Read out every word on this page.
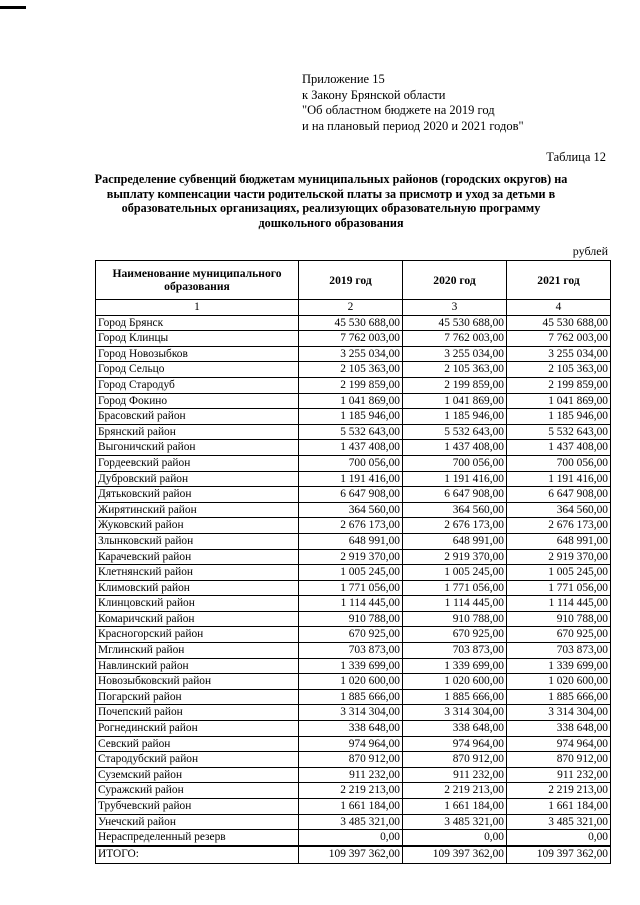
Приложение 15
к Закону Брянской области
"Об областном бюджете на 2019 год
и на плановый период 2020 и 2021 годов"
Таблица 12
Распределение субвенций бюджетам муниципальных районов (городских округов) на выплату компенсации части родительской платы за присмотр и уход за детьми в образовательных организациях, реализующих образовательную программу дошкольного образования
рублей
Наименование муниципального образования	2019 год	2020 год	2021 год
1	2	3	4
Город Брянск	45 530 688,00	45 530 688,00	45 530 688,00
Город Клинцы	7 762 003,00	7 762 003,00	7 762 003,00
Город Новозыбков	3 255 034,00	3 255 034,00	3 255 034,00
Город Сельцо	2 105 363,00	2 105 363,00	2 105 363,00
Город Стародуб	2 199 859,00	2 199 859,00	2 199 859,00
Город Фокино	1 041 869,00	1 041 869,00	1 041 869,00
Брасовский район	1 185 946,00	1 185 946,00	1 185 946,00
Брянский район	5 532 643,00	5 532 643,00	5 532 643,00
Выгоничский район	1 437 408,00	1 437 408,00	1 437 408,00
Гордеевский район	700 056,00	700 056,00	700 056,00
Дубровский район	1 191 416,00	1 191 416,00	1 191 416,00
Дятьковский район	6 647 908,00	6 647 908,00	6 647 908,00
Жирятинский район	364 560,00	364 560,00	364 560,00
Жуковский район	2 676 173,00	2 676 173,00	2 676 173,00
Злынковский район	648 991,00	648 991,00	648 991,00
Карачевский район	2 919 370,00	2 919 370,00	2 919 370,00
Клетнянский район	1 005 245,00	1 005 245,00	1 005 245,00
Климовский район	1 771 056,00	1 771 056,00	1 771 056,00
Клинцовский район	1 114 445,00	1 114 445,00	1 114 445,00
Комаричский район	910 788,00	910 788,00	910 788,00
Красногорский район	670 925,00	670 925,00	670 925,00
Мглинский район	703 873,00	703 873,00	703 873,00
Навлинский район	1 339 699,00	1 339 699,00	1 339 699,00
Новозыбковский район	1 020 600,00	1 020 600,00	1 020 600,00
Погарский район	1 885 666,00	1 885 666,00	1 885 666,00
Почепский район	3 314 304,00	3 314 304,00	3 314 304,00
Рогнединский район	338 648,00	338 648,00	338 648,00
Севский район	974 964,00	974 964,00	974 964,00
Стародубский район	870 912,00	870 912,00	870 912,00
Суземский район	911 232,00	911 232,00	911 232,00
Суражский район	2 219 213,00	2 219 213,00	2 219 213,00
Трубчевский район	1 661 184,00	1 661 184,00	1 661 184,00
Унечский район	3 485 321,00	3 485 321,00	3 485 321,00
Нераспределенный резерв	0,00	0,00	0,00
ИТОГО:	109 397 362,00	109 397 362,00	109 397 362,00
